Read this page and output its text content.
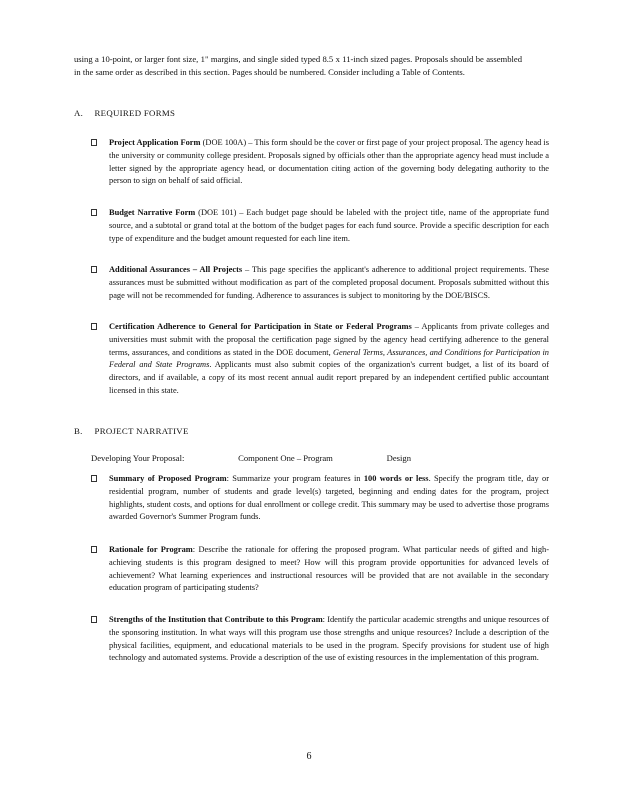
using a 10-point, or larger font size, 1" margins, and single sided typed 8.5 x 11-inch sized pages. Proposals should be assembled in the same order as described in this section. Pages should be numbered. Consider including a Table of Contents.
A. REQUIRED FORMS
Project Application Form (DOE 100A) – This form should be the cover or first page of your project proposal. The agency head is the university or community college president. Proposals signed by officials other than the appropriate agency head must include a letter signed by the appropriate agency head, or documentation citing action of the governing body delegating authority to the person to sign on behalf of said official.
Budget Narrative Form (DOE 101) – Each budget page should be labeled with the project title, name of the appropriate fund source, and a subtotal or grand total at the bottom of the budget pages for each fund source. Provide a specific description for each type of expenditure and the budget amount requested for each line item.
Additional Assurances – All Projects – This page specifies the applicant's adherence to additional project requirements. These assurances must be submitted without modification as part of the completed proposal document. Proposals submitted without this page will not be recommended for funding. Adherence to assurances is subject to monitoring by the DOE/BISCS.
Certification Adherence to General for Participation in State or Federal Programs – Applicants from private colleges and universities must submit with the proposal the certification page signed by the agency head certifying adherence to the general terms, assurances, and conditions as stated in the DOE document, General Terms, Assurances, and Conditions for Participation in Federal and State Programs. Applicants must also submit copies of the organization's current budget, a list of its board of directors, and if available, a copy of its most recent annual audit report prepared by an independent certified public accountant licensed in this state.
B. PROJECT NARRATIVE
Developing Your Proposal:	Component One – Program	Design
Summary of Proposed Program: Summarize your program features in 100 words or less. Specify the program title, day or residential program, number of students and grade level(s) targeted, beginning and ending dates for the program, project highlights, student costs, and options for dual enrollment or college credit. This summary may be used to advertise those programs awarded Governor's Summer Program funds.
Rationale for Program: Describe the rationale for offering the proposed program. What particular needs of gifted and high-achieving students is this program designed to meet? How will this program provide opportunities for advanced levels of achievement? What learning experiences and instructional resources will be provided that are not available in the secondary education program of participating students?
Strengths of the Institution that Contribute to this Program: Identify the particular academic strengths and unique resources of the sponsoring institution. In what ways will this program use those strengths and unique resources? Include a description of the physical facilities, equipment, and educational materials to be used in the program. Specify provisions for student use of high technology and automated systems. Provide a description of the use of existing resources in the implementation of this program.
6
